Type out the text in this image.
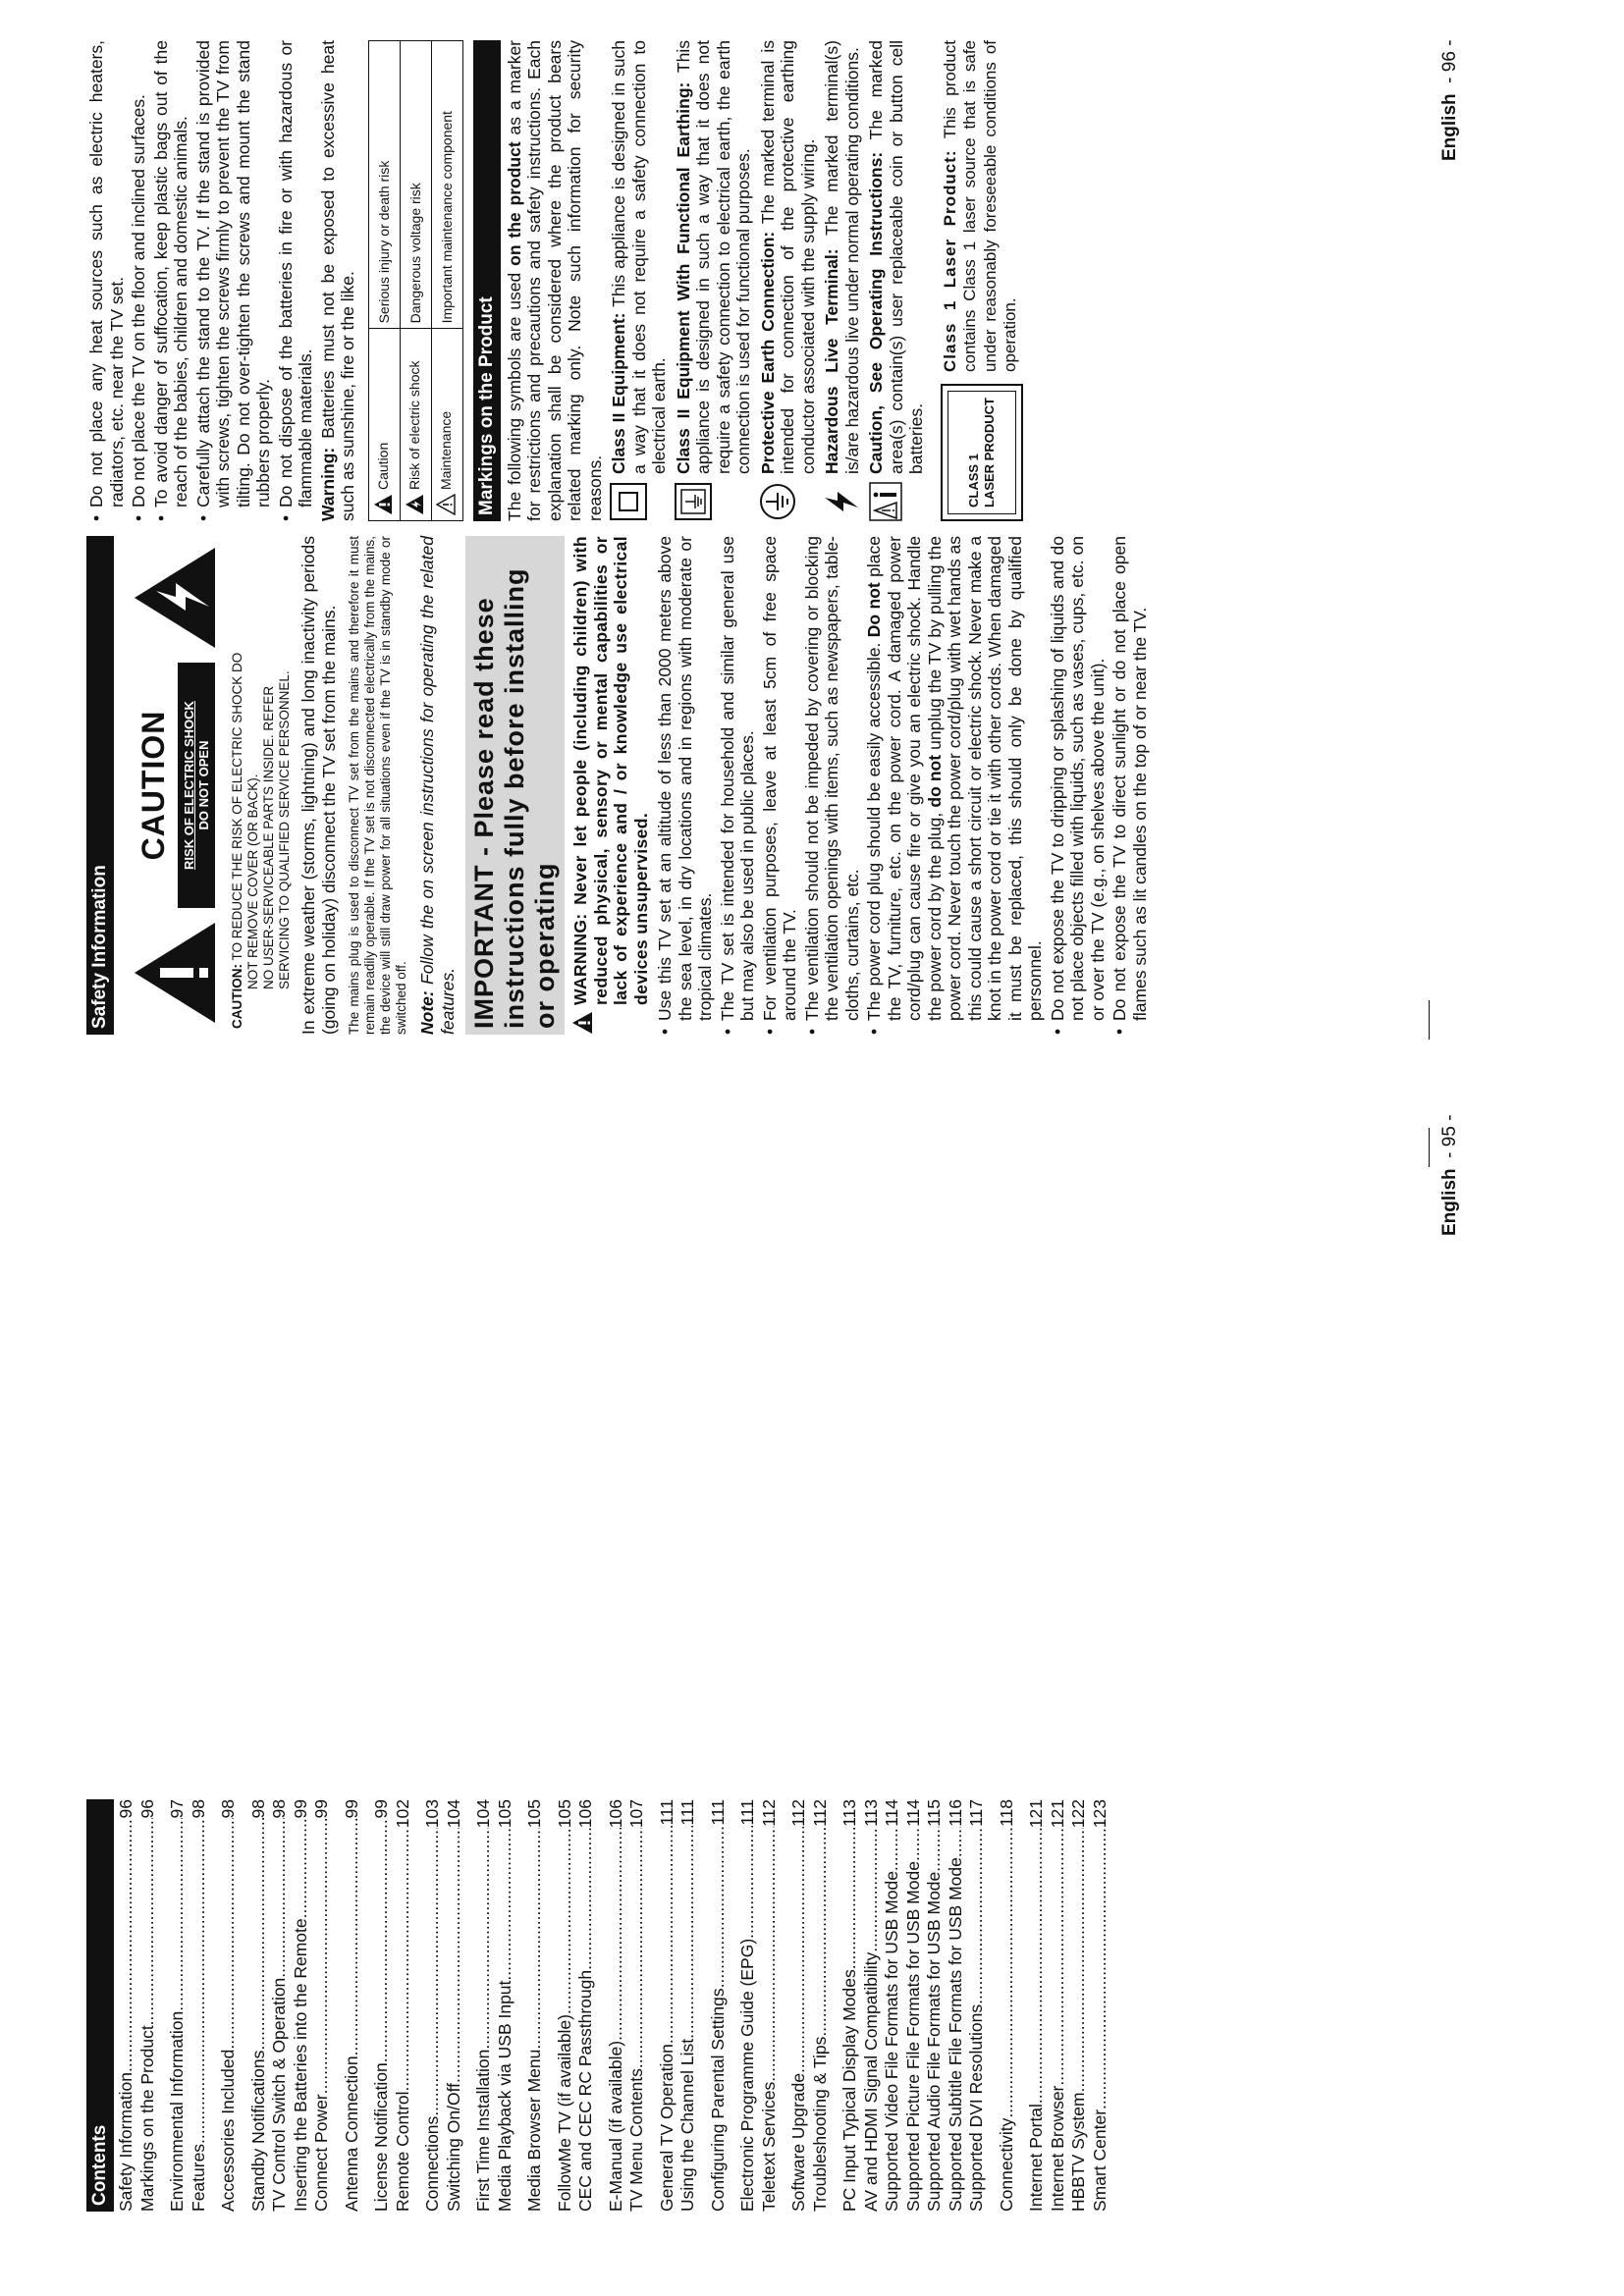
Contents Safety Information
.....
96
Markings on the Product
.....
96
Environmental Information
.....
97
Features
.....
98
Accessories Included
.....
98
Standby Notifications
.....
98
TV Control Switch & Operation
.....
98
Inserting the Batteries into the Remote
.....
99
Connect Power
.....
99
Antenna Connection
.....
99
License Notification
.....
99
Remote Control
.....
102
Connections
.....
103
Switching On/Off
.....
104
First Time Installation
.....
104
Media Playback via USB Input
.....
105
Media Browser Menu
.....
105
FollowMe TV (if available)
.....
105
CEC and CEC RC Passthrough
.....
106
E-Manual (if available)
.....
106
TV Menu Contents
.....
107
General TV Operation
.....
111
Using the Channel List
.....
111
Configuring Parental Settings
.....
111
Electronic Programme Guide (EPG)
.....
111
Teletext Services
.....
112
Software Upgrade
.....
112
Troubleshooting & Tips
.....
112
PC Input Typical Display Modes
.....
113
AV and HDMI Signal Compatibility
.....
113
Supported Video File Formats for USB Mode
.....
114
Supported Picture File Formats for USB Mode
.....
114
Supported Audio File Formats for USB Mode
.....
115
Supported Subtitle File Formats for USB Mode
.....
116
Supported DVI Resolutions
.....
117
Connectivity
.....
118
Internet Portal
.....
121
Internet Browser
.....
121
HBBTV System
.....
122
Smart Center
.....
123
English  - 95 -
Safety Information
CAUTION RISK OF ELECTRIC SHOCK DO NOT OPEN
CAUTION: TO REDUCE THE RISK OF ELECTRIC SHOCK DO NOT REMOVE COVER (OR BACK). NO USER-SERVICEABLE PARTS INSIDE. REFER SERVICING TO QUALIFIED SERVICE PERSONNEL. In extreme weather (storms, lightning) and long inactivity periods (going on holiday) disconnect the TV set from the mains. The mains plug is used to disconnect TV set from the mains and therefore it must remain readily operable. If the TV set is not disconnected electrically from the mains, the device will still draw power for all situations even if the TV is in standby mode or switched off. Note: Follow the on screen instructions for operating the related features. IMPORTANT - Please read these instructions fully before installing or operating WARNING: Never let people (including children) with reduced physical, sensory or mental capabilities or lack of experience and / or knowledge use electrical devices unsupervised. • Use this TV set at an altitude of less than 2000 meters above the sea level, in dry locations and in regions with moderate or tropical climates. • The TV set is intended for household and similar general use but may also be used in public places. • For ventilation purposes, leave at least 5cm of free space around the TV. • The ventilation should not be impeded by covering or blocking the ventilation openings with items, such as newspapers, table-cloths, curtains, etc. • The power cord plug should be easily accessible. Do not place the TV, furniture, etc. on the power cord. A damaged power cord/plug can cause fire or give you an electric shock. Handle the power cord by the plug, do not unplug the TV by pulling the power cord. Never touch the power cord/plug with wet hands as this could cause a short circuit or electric shock. Never make a knot in the power cord or tie it with other cords. When damaged it must be replaced, this should only be done by qualified personnel. • Do not expose the TV to dripping or splashing of liquids and do not place objects filled with liquids, such as vases, cups, etc. on or over the TV (e.g., on shelves above the unit). • Do not expose the TV to direct sunlight or do not place open flames such as lit candles on the top of or near the TV.
• Do not place any heat sources such as electric heaters, radiators, etc. near the TV set. • Do not place the TV on the floor and inclined surfaces. • To avoid danger of suffocation, keep plastic bags out of the reach of the babies, children and domestic animals. • Carefully attach the stand to the TV. If the stand is provided with screws, tighten the screws firmly to prevent the TV from tilting. Do not over-tighten the screws and mount the stand rubbers properly. • Do not dispose of the batteries in fire or with hazardous or flammable materials. Warning: Batteries must not be exposed to excessive heat such as sunshine, fire or the like. Caution	Serious injury or death risk
Risk of electric shock	Dangerous voltage risk
Maintenance	Important maintenance component
Markings on the Product The following symbols are used on the product as a marker for restrictions and precautions and safety instructions. Each explanation shall be considered where the product bears related marking only. Note such information for security reasons.

Class II Equipment: This appliance is designed in such a way that it does not require a safety connection to electrical earth. Class II Equipment With Functional Earthing: This appliance is designed in such a way that it does not require a safety connection to electrical earth, the earth connection is used for functional purposes. Protective Earth Connection: The marked terminal is intended for connection of the protective earthing conductor associated with the supply wiring. Hazardous Live Terminal: The marked terminal(s) is/are hazardous live under normal operating conditions. Caution, See Operating Instructions: The marked area(s) contain(s) user replaceable coin or button cell batteries.

CLASS 1 LASER PRODUCT

Class 1 Laser Product: This product contains Class 1 laser source that is safe under reasonably foreseeable conditions of operation.

English  - 96 -
